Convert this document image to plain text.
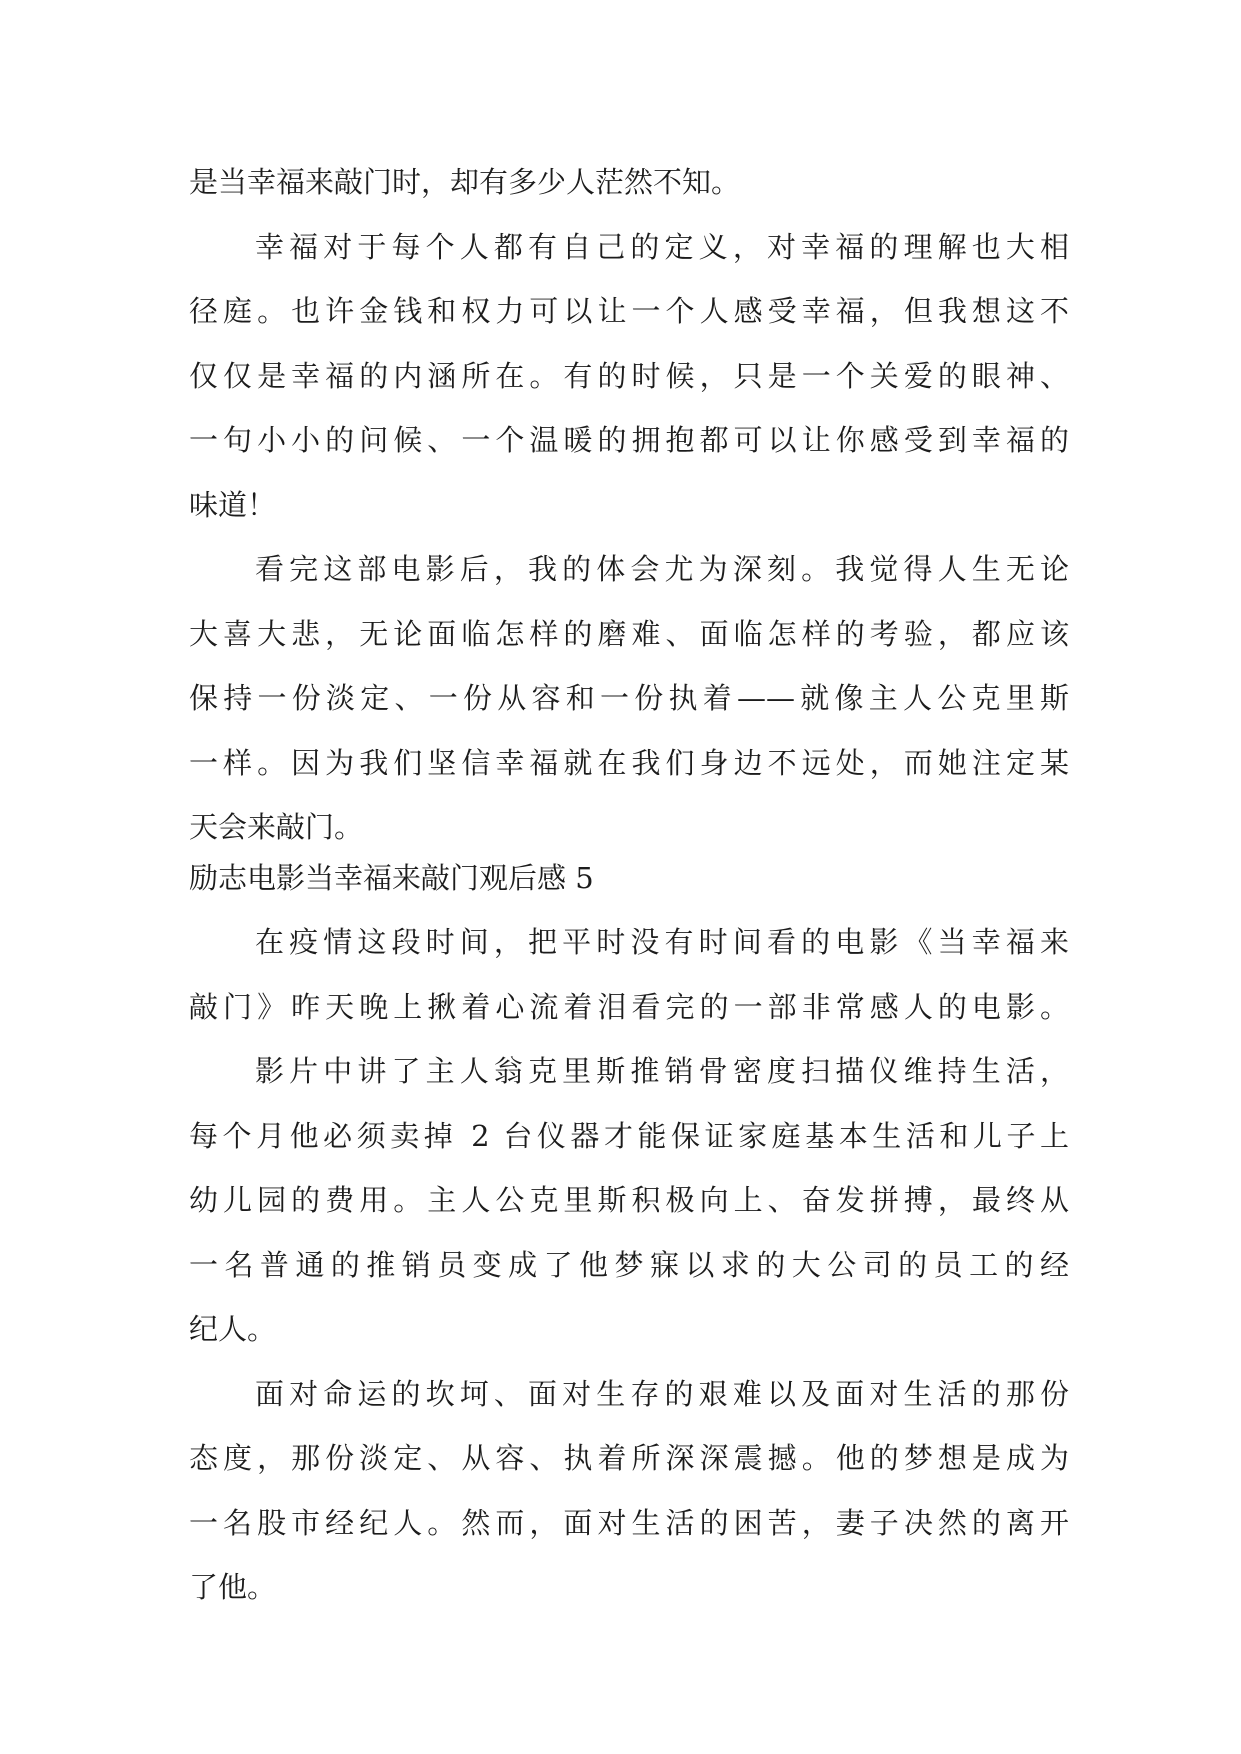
是当幸福来敲门时，却有多少人茫然不知。
幸福对于每个人都有自己的定义，对幸福的理解也大相
径庭。也许金钱和权力可以让一个人感受幸福，但我想这不
仅仅是幸福的内涵所在。有的时候，只是一个关爱的眼神、
一句小小的问候、一个温暖的拥抱都可以让你感受到幸福的
味道！
看完这部电影后，我的体会尤为深刻。我觉得人生无论
大喜大悲，无论面临怎样的磨难、面临怎样的考验，都应该
保持一份淡定、一份从容和一份执着——就像主人公克里斯
一样。因为我们坚信幸福就在我们身边不远处，而她注定某
天会来敲门。
励志电影当幸福来敲门观后感 5
在疫情这段时间，把平时没有时间看的电影《当幸福来
敲门》昨天晚上揪着心流着泪看完的一部非常感人的电影。
影片中讲了主人翁克里斯推销骨密度扫描仪维持生活，
每个月他必须卖掉 2 台仪器才能保证家庭基本生活和儿子上
幼儿园的费用。主人公克里斯积极向上、奋发拼搏，最终从
一名普通的推销员变成了他梦寐以求的大公司的员工的经
纪人。
面对命运的坎坷、面对生存的艰难以及面对生活的那份
态度，那份淡定、从容、执着所深深震撼。他的梦想是成为
一名股市经纪人。然而，面对生活的困苦，妻子决然的离开
了他。
